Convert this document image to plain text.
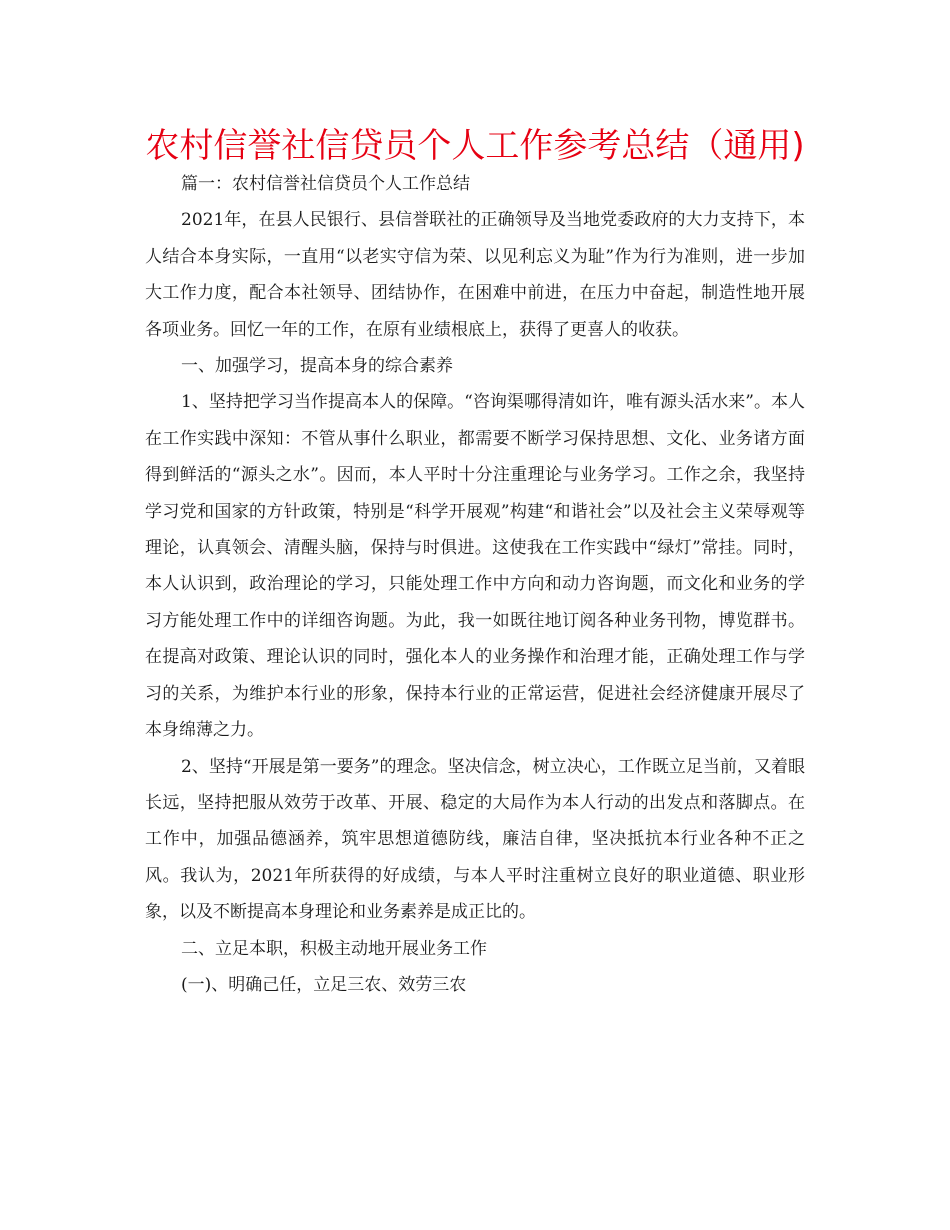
农村信誉社信贷员个人工作参考总结（通用)

篇一：农村信誉社信贷员个人工作总结

2021年，在县人民银行、县信誉联社的正确领导及当地党委政府的大力支持下，本人结合本身实际，一直用“以老实守信为荣、以见利忘义为耻”作为行为准则，进一步加大工作力度，配合本社领导、团结协作，在困难中前进，在压力中奋起，制造性地开展各项业务。回忆一年的工作，在原有业绩根底上，获得了更喜人的收获。

一、加强学习，提高本身的综合素养

1、坚持把学习当作提高本人的保障。“咨询渠哪得清如许，唯有源头活水来”。本人在工作实践中深知：不管从事什么职业，都需要不断学习保持思想、文化、业务诸方面得到鲜活的“源头之水”。因而，本人平时十分注重理论与业务学习。工作之余，我坚持学习党和国家的方针政策，特别是“科学开展观”构建“和谐社会”以及社会主义荣辱观等理论，认真领会、清醒头脑，保持与时俱进。这使我在工作实践中“绿灯”常挂。同时，本人认识到，政治理论的学习，只能处理工作中方向和动力咨询题，而文化和业务的学习方能处理工作中的详细咨询题。为此，我一如既往地订阅各种业务刊物，博览群书。在提高对政策、理论认识的同时，强化本人的业务操作和治理才能，正确处理工作与学习的关系，为维护本行业的形象，保持本行业的正常运营，促进社会经济健康开展尽了本身绵薄之力。

2、坚持“开展是第一要务”的理念。坚决信念，树立决心，工作既立足当前，又着眼长远，坚持把服从效劳于改革、开展、稳定的大局作为本人行动的出发点和落脚点。在工作中，加强品德涵养，筑牢思想道德防线，廉洁自律，坚决抵抗本行业各种不正之风。我认为，2021年所获得的好成绩，与本人平时注重树立良好的职业道德、职业形象，以及不断提高本身理论和业务素养是成正比的。

二、立足本职，积极主动地开展业务工作

(一)、明确己任，立足三农、效劳三农
